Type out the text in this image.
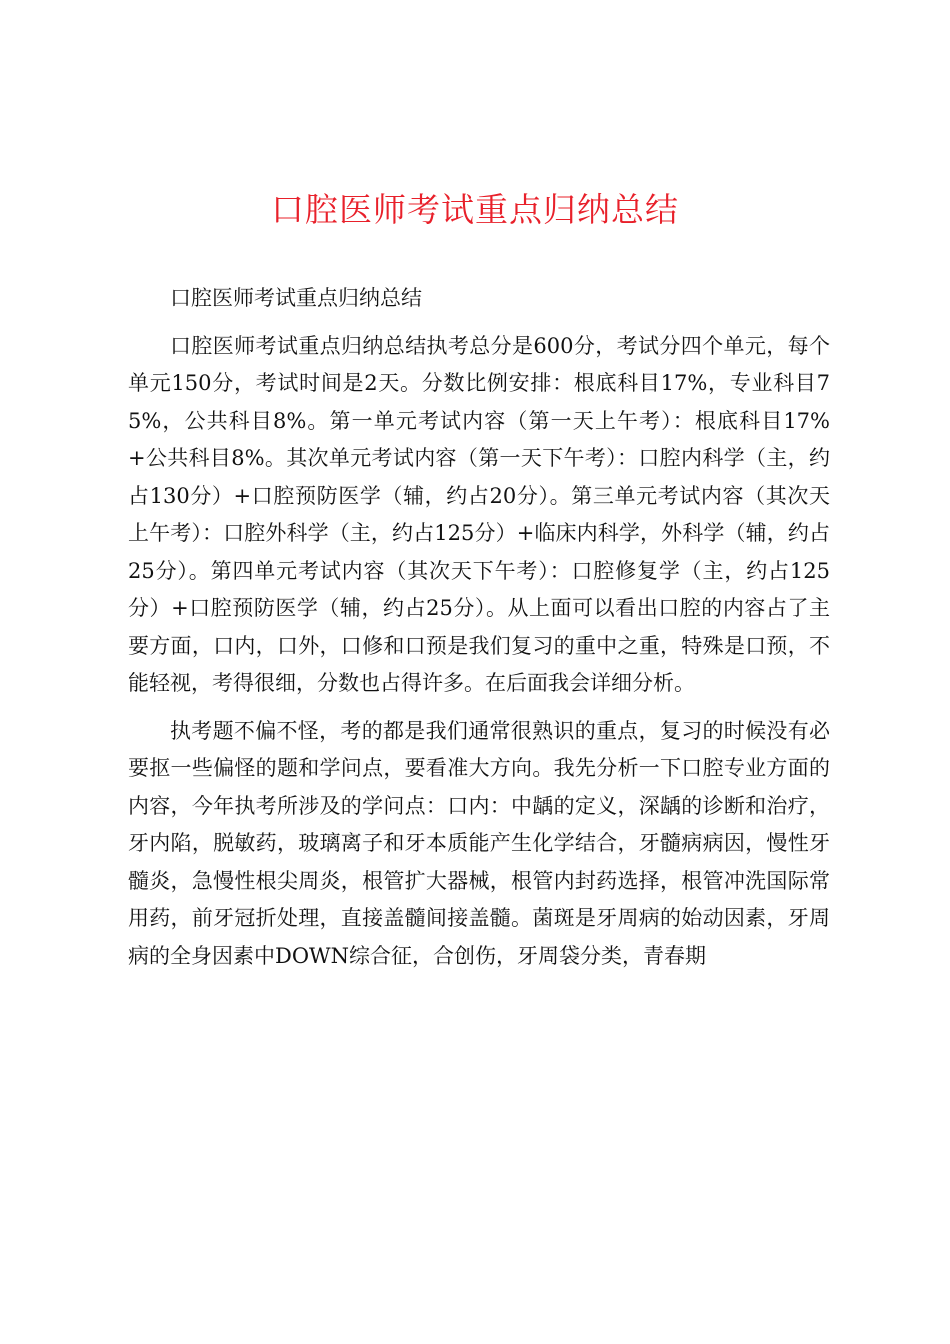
口腔医师考试重点归纳总结

口腔医师考试重点归纳总结

口腔医师考试重点归纳总结执考总分是600分，考试分四个单元，每个单元150分，考试时间是2天。分数比例安排：根底科目17%，专业科目75%，公共科目8%。第一单元考试内容（第一天上午考）：根底科目17%+公共科目8%。其次单元考试内容（第一天下午考）：口腔内科学（主，约占130分）+口腔预防医学（辅，约占20分）。第三单元考试内容（其次天上午考）：口腔外科学（主，约占125分）+临床内科学，外科学（辅，约占25分）。第四单元考试内容（其次天下午考）：口腔修复学（主，约占125分）+口腔预防医学（辅，约占25分）。从上面可以看出口腔的内容占了主要方面，口内，口外，口修和口预是我们复习的重中之重，特殊是口预，不能轻视，考得很细，分数也占得许多。在后面我会详细分析。

执考题不偏不怪，考的都是我们通常很熟识的重点，复习的时候没有必要抠一些偏怪的题和学问点，要看准大方向。我先分析一下口腔专业方面的内容，今年执考所涉及的学问点：口内：中龋的定义，深龋的诊断和治疗，牙内陷，脱敏药，玻璃离子和牙本质能产生化学结合，牙髓病病因，慢性牙髓炎，急慢性根尖周炎，根管扩大器械，根管内封药选择，根管冲洗国际常用药，前牙冠折处理，直接盖髓间接盖髓。菌斑是牙周病的始动因素，牙周病的全身因素中DOWN综合征，合创伤，牙周袋分类，青春期
